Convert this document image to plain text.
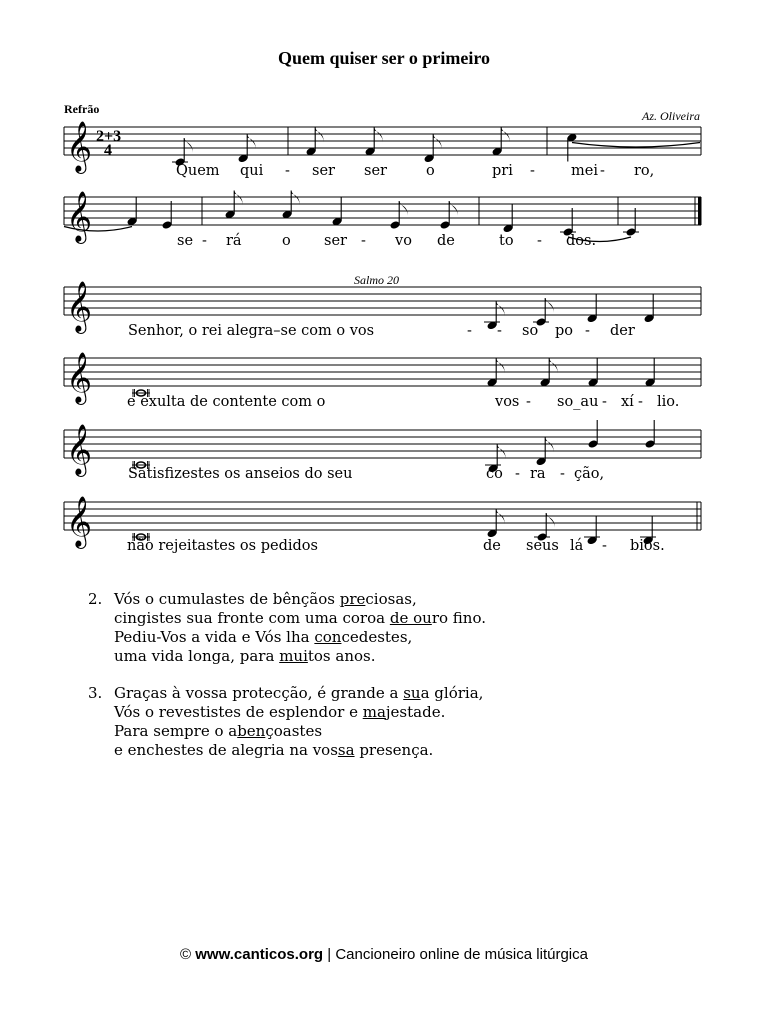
Quem quiser ser o primeiro
Refrão	Az. Oliveira
Salmo 20
𝄞 2+3
4
Quem qui - ser ser	o	pri - mei - ro,
𝄞	se - rá	o ser - vo de	to - dos.
𝄞 Senhor, o rei alegra–se com o vos	- - so po - der
𝄞 e exulta de contente com o	vos - so_au - xí - lio.
𝄞 Satisfizestes os anseios do seu	co - ra - ção,
𝄞 não rejeitastes os pedidos	de seus lá - bios.
2. Vós o cumulastes de bênçãos preciosas,
cingistes sua fronte com uma coroa de ouro fino.
Pediu-Vos a vida e Vós lha concedestes,
uma vida longa, para muitos anos.
3. Graças à vossa protecção, é grande a sua glória,
Vós o revestistes de esplendor e majestade.
Para sempre o abençoastes
e enchestes de alegria na vossa presença.
© www.canticos.org | Cancioneiro online de música litúrgica
